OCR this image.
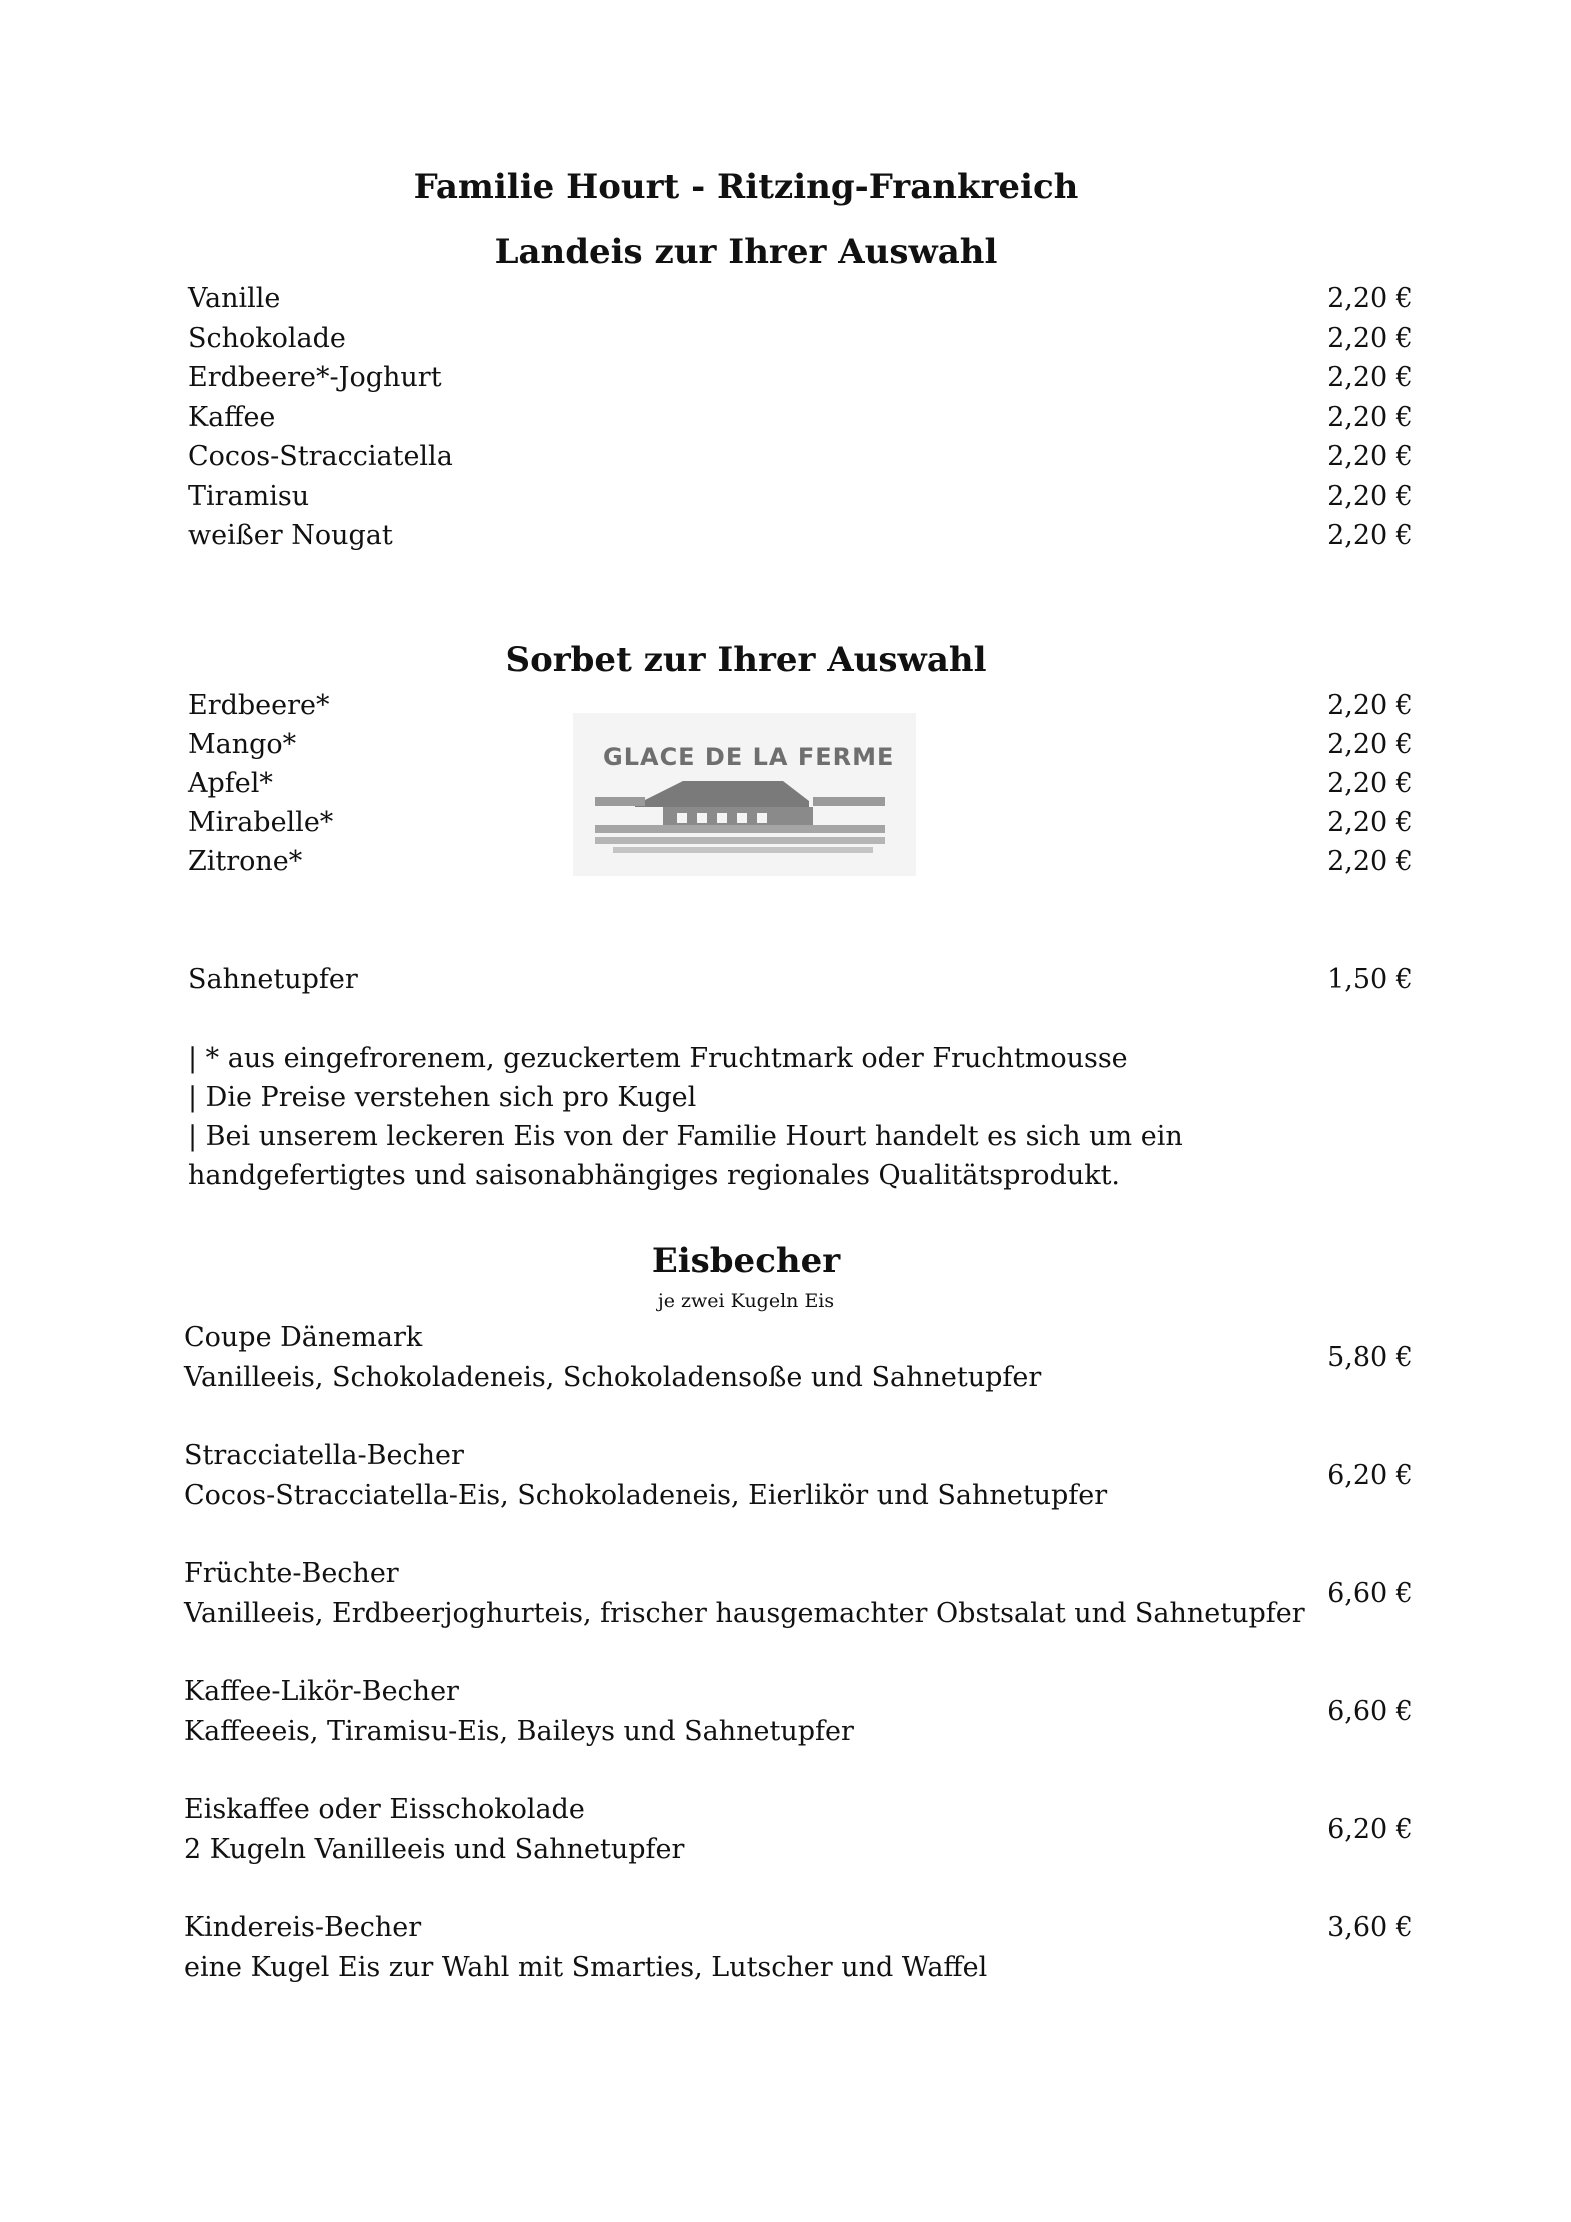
Familie Hourt - Ritzing-Frankreich
Landeis zur Ihrer Auswahl
Vanille	2,20 €
Schokolade	2,20 €
Erdbeere*-Joghurt	2,20 €
Kaffee	2,20 €
Cocos-Stracciatella	2,20 €
Tiramisu	2,20 €
weißer Nougat	2,20 €
Sorbet zur Ihrer Auswahl
Erdbeere*	2,20 €
Mango*	2,20 €
Apfel*	2,20 €
Mirabelle*	2,20 €
Zitrone*	2,20 €
GLACE DE LA FERME
Sahnetupfer	1,50 €
| * aus eingefrorenem, gezuckertem Fruchtmark oder Fruchtmousse
| Die Preise verstehen sich pro Kugel
| Bei unserem leckeren Eis von der Familie Hourt handelt es sich um ein
handgefertigtes und saisonabhängiges regionales Qualitätsprodukt.
Eisbecher
je zwei Kugeln Eis
Coupe Dänemark
Vanilleeis, Schokoladeneis, Schokoladensoße und Sahnetupfer
5,80 €
Stracciatella-Becher
Cocos-Stracciatella-Eis, Schokoladeneis, Eierlikör und Sahnetupfer
6,20 €
Früchte-Becher
Vanilleeis, Erdbeerjoghurteis, frischer hausgemachter Obstsalat und Sahnetupfer
6,60 €
Kaffee-Likör-Becher
Kaffeeeis, Tiramisu-Eis, Baileys und Sahnetupfer
6,60 €
Eiskaffee oder Eisschokolade
2 Kugeln Vanilleeis und Sahnetupfer
6,20 €
Kindereis-Becher
eine Kugel Eis zur Wahl mit Smarties, Lutscher und Waffel
3,60 €
